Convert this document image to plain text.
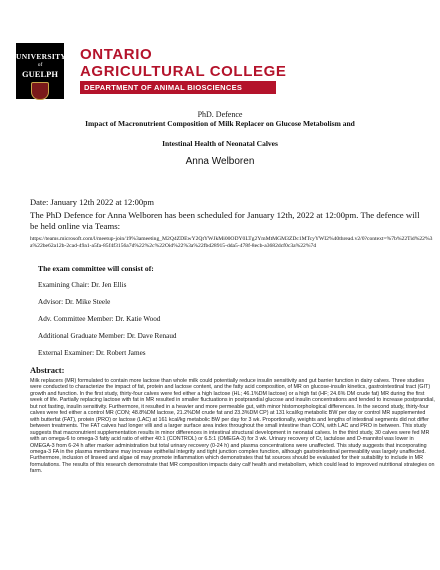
UNIVERSITY
of
GUELPH
ONTARIO
AGRICULTURAL COLLEGE
DEPARTMENT OF ANIMAL BIOSCIENCES
PhD. Defence
Impact of Macronutrient Composition of Milk Replacer on Glucose Metabolism and
Intestinal Health of Neonatal Calves
Anna Welboren
Date: January 12th 2022 at 12:00pm
The PhD Defence for Anna Welboren has been scheduled for January 12th, 2022 at 12:00pm. The defence will be held online via Teams:
https://teams.microsoft.com/l/meetup-join/19%3ameeting_M2Q4ZDEwY2QtYWJkMi00ODY0LTg2YmMtMGM3ZDc1MTcyYWI2%40thread.v2/0?context=%7b%22Tid%22%3a%22be62a12b-2cad-49a1-a5fa-85f4f3156a7d%22%2c%22Oid%22%3a%22fbd28915-dda5-478f-8ecb-a3682dcf0c3a%22%7d
The exam committee will consist of:
Examining Chair: Dr. Jen Ellis
Advisor: Dr. Mike Steele
Adv. Committee Member: Dr. Katie Wood
Additional Graduate Member: Dr. Dave Renaud
External Examiner: Dr. Robert James
Abstract:
Milk replacers (MR) formulated to contain more lactose than whole milk could potentially reduce insulin sensitivity and gut barrier function in dairy calves. Three studies were conducted to characterize the impact of fat, protein and lactose content, and the fatty acid composition, of MR on glucose-insulin kinetics, gastrointestinal tract (GIT) growth and function. In the first study, thirty-four calves were fed either a high lactose (HL; 46.1%DM lactose) or a high fat (HF; 24.6% DM crude fat) MR during the first week of life. Partially replacing lactose with fat in MR resulted in smaller fluctuations in postprandial glucose and insulin concentrations and tended to increase postprandial, but not fasting, insulin sensitivity. Furthermore, it resulted in a heavier and more permeable gut, with minor histomorphological differences. In the second study, thirty-four calves were fed either a control MR (CON; 48.8%DM lactose, 21.2%DM crude fat and 23.3%DM CP) at 131 kcal/kg metabolic BW per day or control MR supplemented with butterfat (FAT), protein (PRO) or lactose (LAC) at 161 kcal/kg metabolic BW per day for 3 wk. Proportionally, weights and lengths of intestinal segments did not differ between treatments. The FAT calves had longer villi and a larger surface area index throughout the small intestine than CON, with LAC and PRO in between. This study suggests that macronutrient supplementation results in minor differences in intestinal structural development in neonatal calves. In the third study, 30 calves were fed MR with an omega-6 to omega-3 fatty acid ratio of either 40:1 (CONTROL) or 6.5:1 (OMEGA-3) for 3 wk. Urinary recovery of Cr, lactulose and D-mannitol was lower in OMEGA-3 from 6-24 h after marker administration but total urinary recovery (0-24 h) and plasma concentrations were unaffected. This study suggests that incorporating omega-3 FA in the plasma membrane may increase epithelial integrity and tight junction complex function, although gastrointestinal permeability was largely unaffected. Furthermore, inclusion of linseed and algae oil may promote inflammation which demonstrates that fat sources should be evaluated for their suitability to include in MR formulations. The results of this research demonstrate that MR composition impacts dairy calf health and metabolism, which could lead to improved nutritional strategies on farm.
